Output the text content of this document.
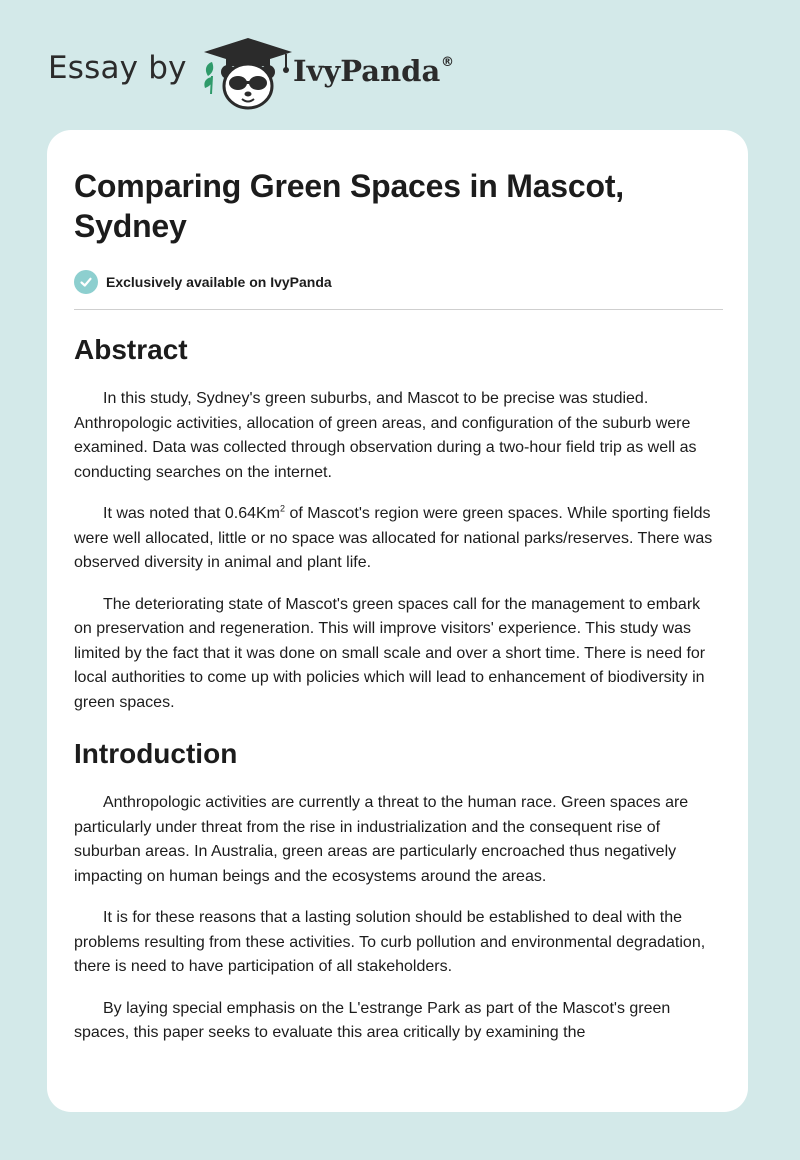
Essay by	IvyPanda ®
Comparing Green Spaces in Mascot, Sydney
Exclusively available on IvyPanda
Abstract

In this study, Sydney's green suburbs, and Mascot to be precise was studied. Anthropologic activities, allocation of green areas, and configuration of the suburb were examined. Data was collected through observation during a two-hour field trip as well as conducting searches on the internet.

It was noted that 0.64Km$^2$ of Mascot's region were green spaces. While sporting fields were well allocated, little or no space was allocated for national parks/reserves. There was observed diversity in animal and plant life.

The deteriorating state of Mascot's green spaces call for the management to embark on preservation and regeneration. This will improve visitors' experience. This study was limited by the fact that it was done on small scale and over a short time. There is need for local authorities to come up with policies which will lead to enhancement of biodiversity in green spaces.

Introduction

Anthropologic activities are currently a threat to the human race. Green spaces are particularly under threat from the rise in industrialization and the consequent rise of suburban areas. In Australia, green areas are particularly encroached thus negatively impacting on human beings and the ecosystems around the areas.

It is for these reasons that a lasting solution should be established to deal with the problems resulting from these activities. To curb pollution and environmental degradation, there is need to have participation of all stakeholders.

By laying special emphasis on the L'estrange Park as part of the Mascot's green spaces, this paper seeks to evaluate this area critically by examining the
